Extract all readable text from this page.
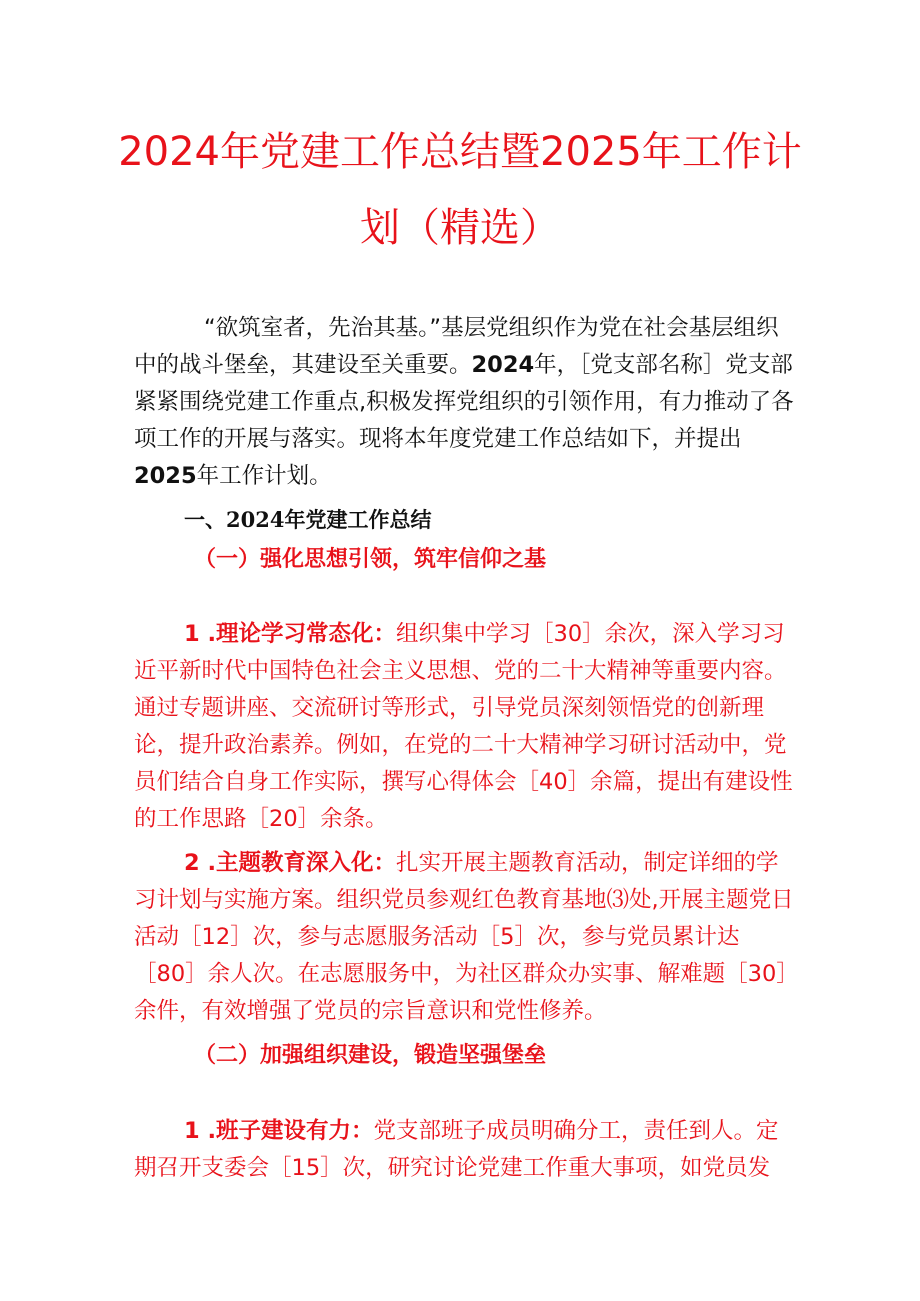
2024年党建工作总结暨2025年工作计
划（精选）
“欲筑室者，先治其基。”基层党组织作为党在社会基层组织中的战斗堡垒，其建设至关重要。2024年，［党支部名称］党支部紧紧围绕党建工作重点,积极发挥党组织的引领作用，有力推动了各项工作的开展与落实。现将本年度党建工作总结如下，并提出2025年工作计划。
一、2024年党建工作总结
（一）强化思想引领，筑牢信仰之基
1 .理论学习常态化：组织集中学习［30］余次，深入学习习近平新时代中国特色社会主义思想、党的二十大精神等重要内容。通过专题讲座、交流研讨等形式，引导党员深刻领悟党的创新理论，提升政治素养。例如，在党的二十大精神学习研讨活动中，党员们结合自身工作实际，撰写心得体会［40］余篇，提出有建设性的工作思路［20］余条。
2 .主题教育深入化：扎实开展主题教育活动，制定详细的学习计划与实施方案。组织党员参观红色教育基地⑶处,开展主题党日活动［12］次，参与志愿服务活动［5］次，参与党员累计达［80］余人次。在志愿服务中，为社区群众办实事、解难题［30］余件，有效增强了党员的宗旨意识和党性修养。
（二）加强组织建设，锻造坚强堡垒
1 .班子建设有力：党支部班子成员明确分工，责任到人。定期召开支委会［15］次，研究讨论党建工作重大事项，如党员发
